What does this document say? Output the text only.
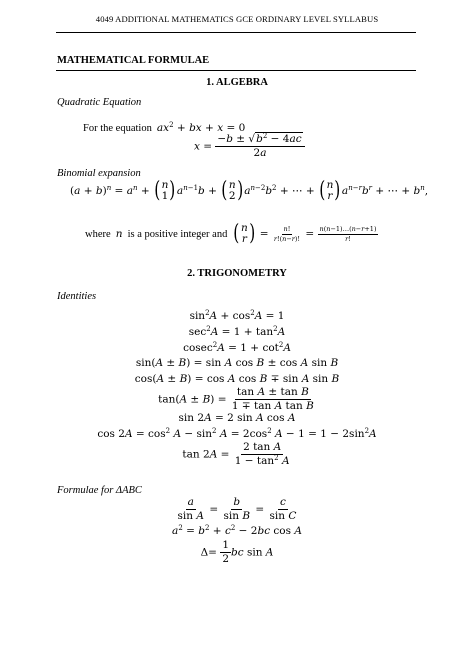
4049 ADDITIONAL MATHEMATICS GCE ORDINARY LEVEL SYLLABUS
MATHEMATICAL FORMULAE
1. ALGEBRA
Quadratic Equation
For the equation $ax^2$ + bx + x = 0
$x = \frac{-b \pm √b^2 - 4ac}{2a}$
Binomial expansion
$(a + b)^n = a^n$ + ( n
1 ) $a^{n-1}b$ + ( n
2 ) $a^{n-2}b^2$ + ⋯ + ( n
r ) $a^{n-r}b^r$ + ⋯ + $b^n$,
where n is a positive integer and ( n
r ) = $\frac{n!}{r!(n-r)!} = \frac{n(n-1)\dots(n-r+1)}{r!}$
2. TRIGONOMETRY
Identities
$\sin^2A + \cos^2A = 1$
$\sec^2A = 1 + \tan^2A$
$cosec^2A = 1 + \cot^2A$
sin(A ± B) = sin A cos B ± cos A sin B
cos(A ± B) = cos A cos B ∓ sin A sin B
$\tan(A \pm B) = \frac{\text{tan A ± tan B}}{\text{1 ∓ tan A tan B}}$
sin 2A = 2 sin A cos A
$\cos 2A = \cos^2 A - \sin^2 A = 2\cos^2$ $A - 1 = 1 - 2\sin^2A$
$\tan 2A = \frac{\text{2 tan A}}{1 - \tan^2 A}$
Formulae for ΔABC
$\frac{a}{\text{sin A}} = \frac{b}{\text{sin B}} = \frac{c}{\text{sin C}}$
$a^2 = b^2 + c^2 - 2bc$ cos A
$\Delta= \frac{1}{2}$ bc sin A
